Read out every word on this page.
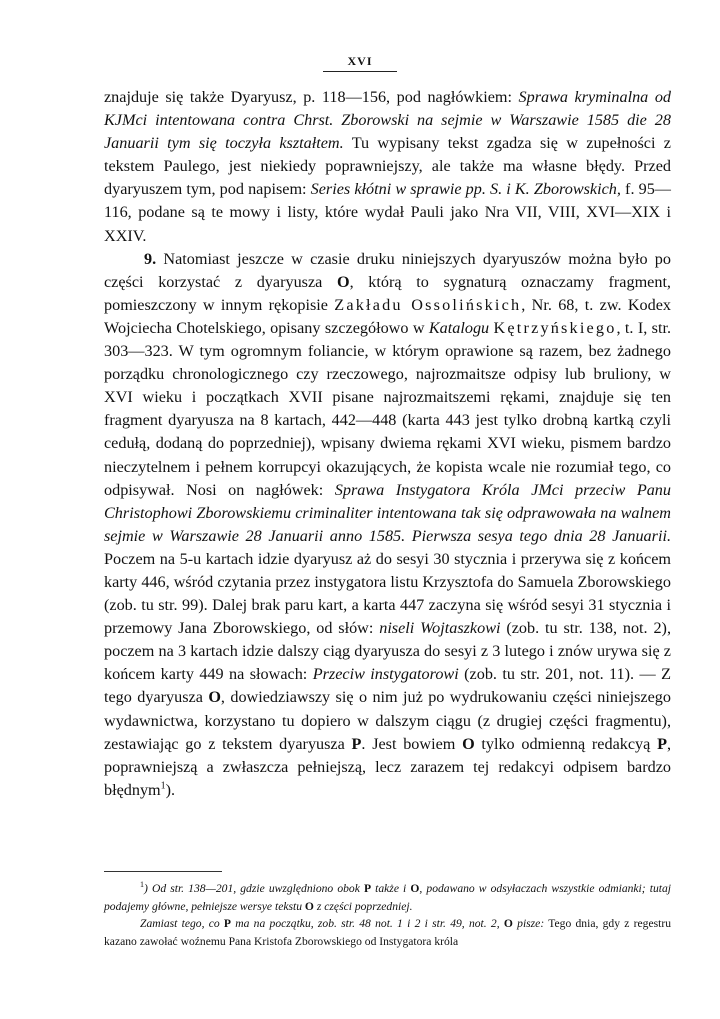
XVI

znajduje się także Dyaryusz, p. 118—156, pod nagłówkiem: Sprawa kryminalna od KJMci intentowana contra Chrst. Zborowski na sejmie w Warszawie 1585 die 28 Januarii tym się toczyła kształtem. Tu wypisany tekst zgadza się w zupełności z tekstem Paulego, jest niekiedy poprawniejszy, ale także ma własne błędy. Przed dyaryuszem tym, pod napisem: Series kłótni w sprawie pp. S. i K. Zborowskich, f. 95—116, podane są te mowy i listy, które wydał Pauli jako Nra VII, VIII, XVI—XIX i XXIV.

9. Natomiast jeszcze w czasie druku niniejszych dyaryuszów można było po części korzystać z dyaryusza O, którą to sygnaturą oznaczamy fragment, pomieszczony w innym rękopisie Zakładu Ossolińskich, Nr. 68, t. zw. Kodex Wojciecha Chotelskiego, opisany szczegółowo w Katalogu Kętrzyńskiego, t. I, str. 303—323. W tym ogromnym foliancie, w którym oprawione są razem, bez żadnego porządku chronologicznego czy rzeczowego, najrozmaitsze odpisy lub bruliony, w XVI wieku i początkach XVII pisane najrozmaitszemi rękami, znajduje się ten fragment dyaryusza na 8 kartach, 442—448 (karta 443 jest tylko drobną kartką czyli cedułą, dodaną do poprzedniej), wpisany dwiema rękami XVI wieku, pismem bardzo nieczytelnem i pełnem korrupcyi okazujących, że kopista wcale nie rozumiał tego, co odpisywał. Nosi on nagłówek: Sprawa Instygatora Króla JMci przeciw Panu Christophowi Zborowskiemu criminaliter intentowana tak się odprawowała na walnem sejmie w Warszawie 28 Januarii anno 1585. Pierwsza sesya tego dnia 28 Januarii. Poczem na 5-u kartach idzie dyaryusz aż do sesyi 30 stycznia i przerywa się z końcem karty 446, wśród czytania przez instygatora listu Krzysztofa do Samuela Zborowskiego (zob. tu str. 99). Dalej brak paru kart, a karta 447 zaczyna się wśród sesyi 31 stycznia i przemowy Jana Zborowskiego, od słów: niseli Wojtaszkowi (zob. tu str. 138, not. 2), poczem na 3 kartach idzie dalszy ciąg dyaryusza do sesyi z 3 lutego i znów urywa się z końcem karty 449 na słowach: Przeciw instygatorowi (zob. tu str. 201, not. 11). — Z tego dyaryusza O, dowiedziawszy się o nim już po wydrukowaniu części niniejszego wydawnictwa, korzystano tu dopiero w dalszym ciągu (z drugiej części fragmentu), zestawiając go z tekstem dyaryusza P. Jest bowiem O tylko odmienną redakcyą P, poprawniejszą a zwłaszcza pełniejszą, lecz zarazem tej redakcyi odpisem bardzo błędnym$^1$).

$^1$) Od str. 138—201, gdzie uwzględniono obok P także i O, podawano w odsyłaczach wszystkie odmianki; tutaj podajemy główne, pełniejsze wersye tekstu O z części poprzedniej.

Zamiast tego, co P ma na początku, zob. str. 48 not. 1 i 2 i str. 49, not. 2, O pisze: Tego dnia, gdy z regestru kazano zawołać woźnemu Pana Kristofa Zborowskiego od Instygatora króla
